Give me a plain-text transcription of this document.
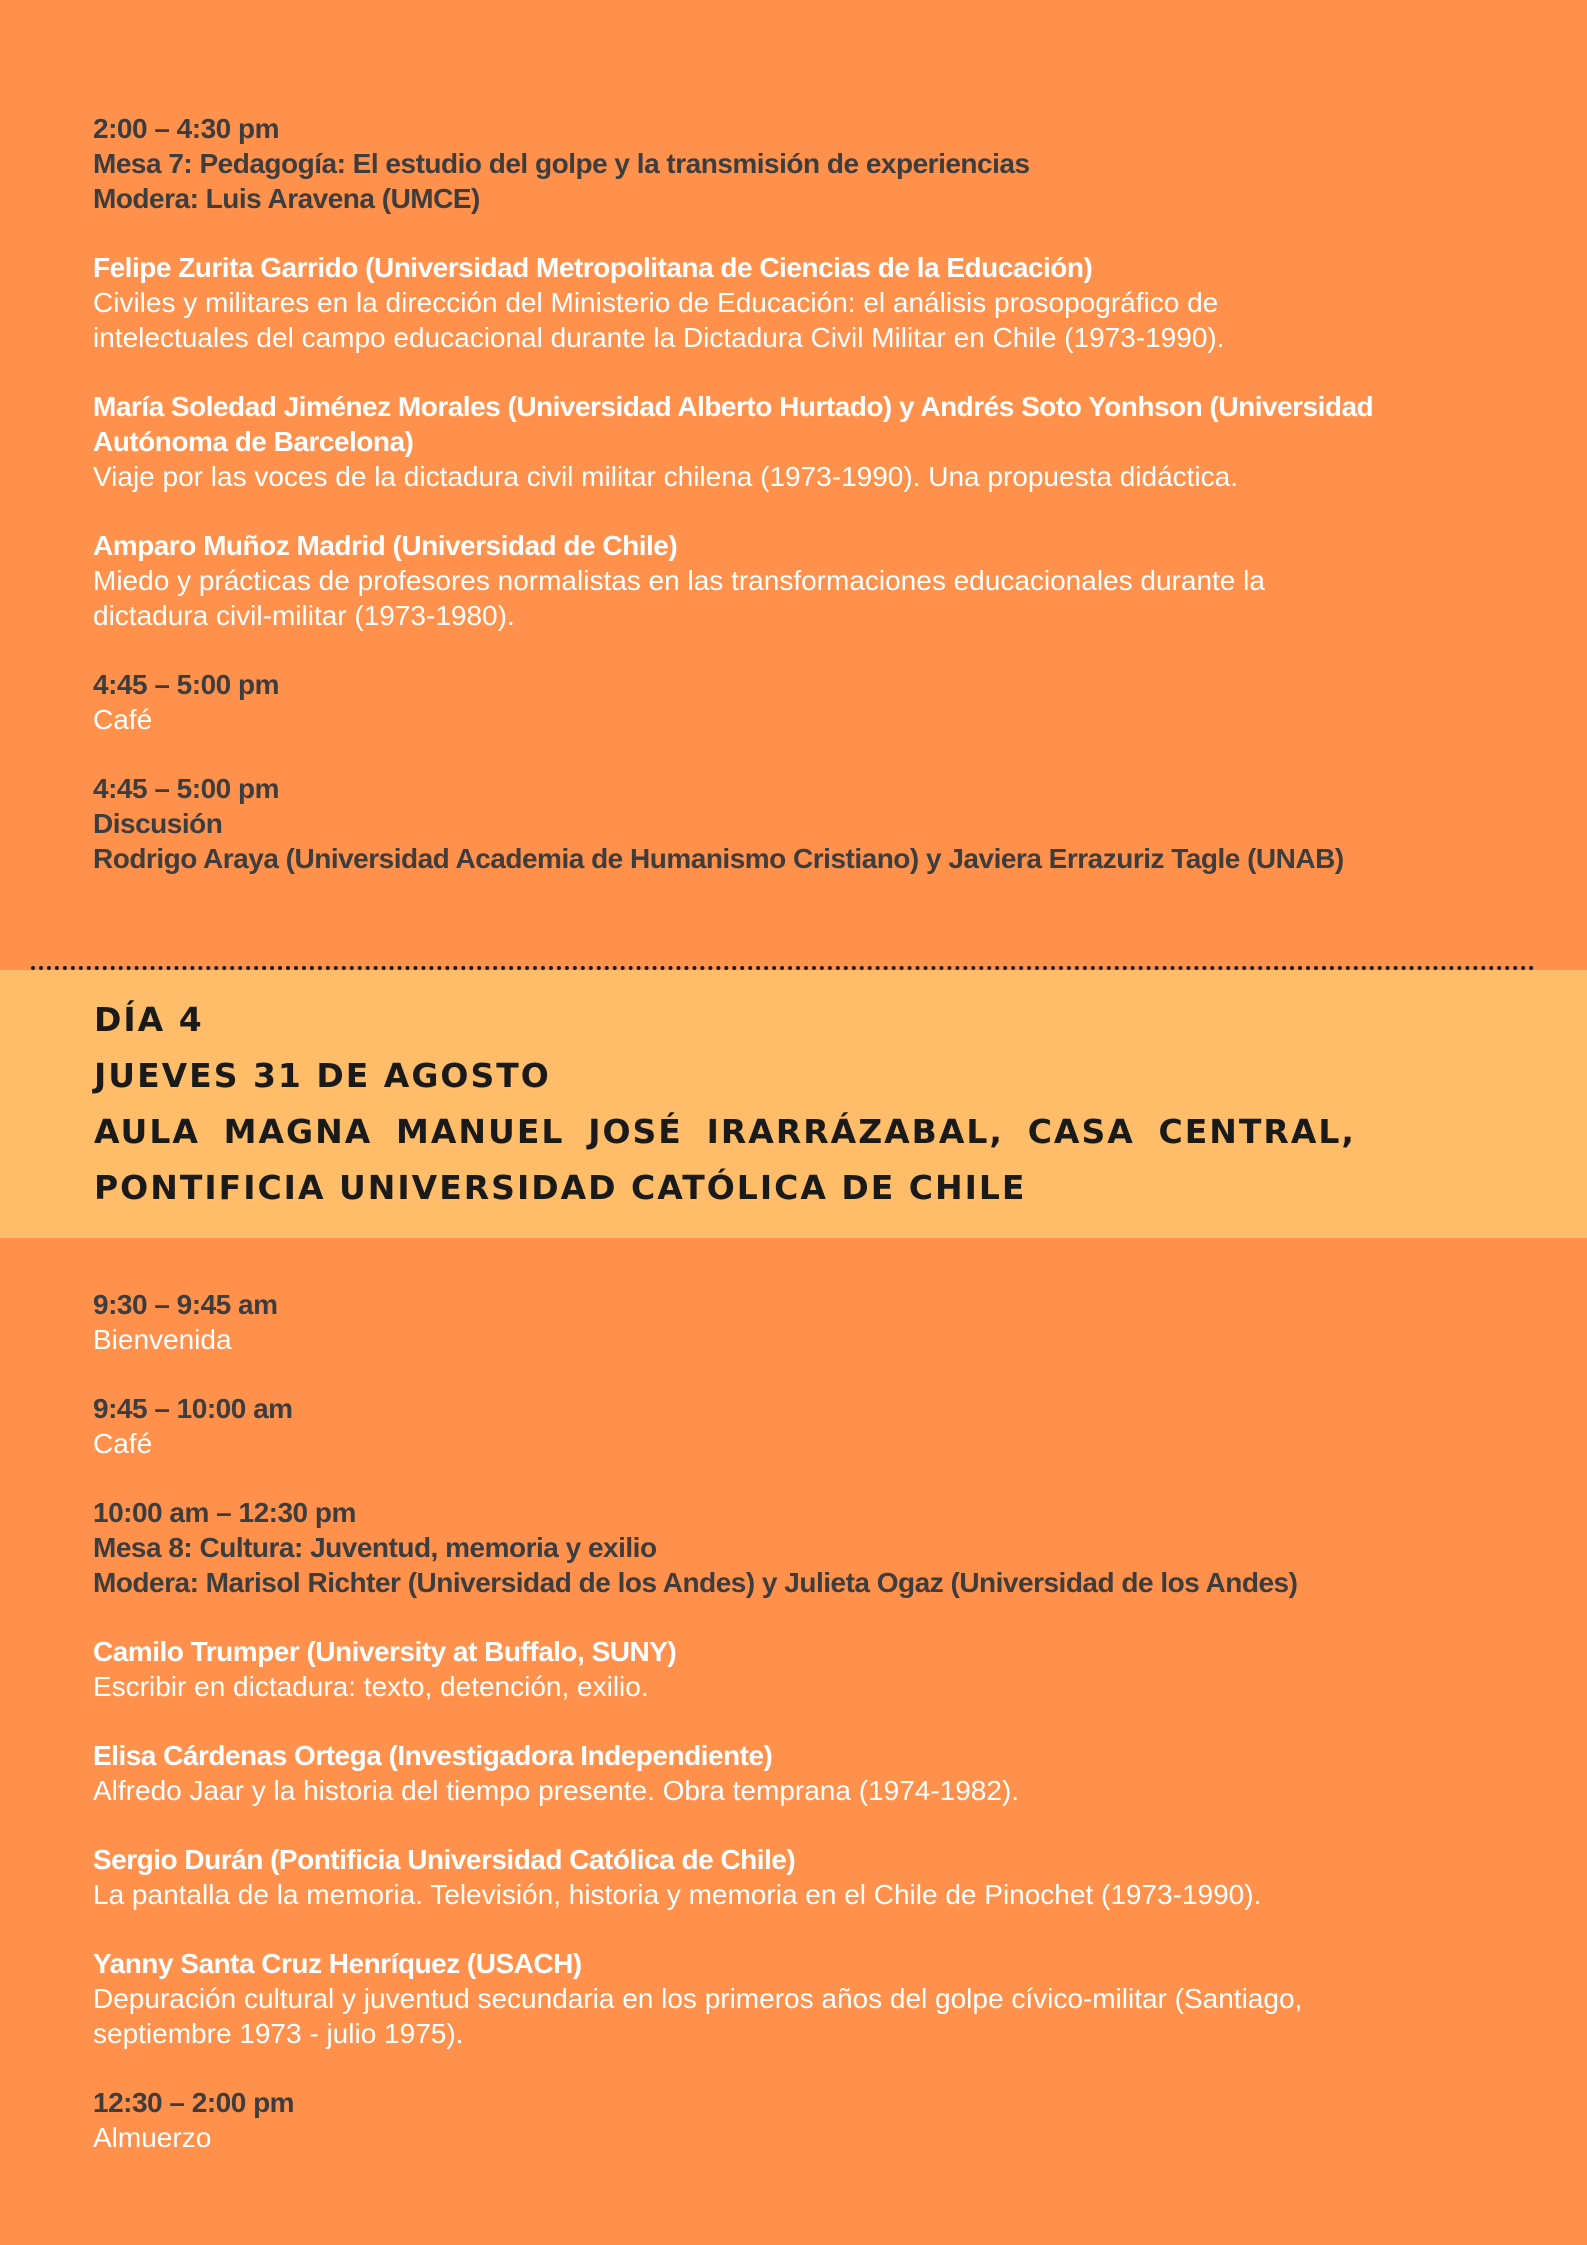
2:00 – 4:30 pm
Mesa 7: Pedagogía: El estudio del golpe y la transmisión de experiencias
Modera: Luis Aravena (UMCE)
Felipe Zurita Garrido (Universidad Metropolitana de Ciencias de la Educación)
Civiles y militares en la dirección del Ministerio de Educación: el análisis prosopográfico de
intelectuales del campo educacional durante la Dictadura Civil Militar en Chile (1973-1990).
María Soledad Jiménez Morales (Universidad Alberto Hurtado) y Andrés Soto Yonhson (Universidad
Autónoma de Barcelona)
Viaje por las voces de la dictadura civil militar chilena (1973-1990). Una propuesta didáctica.
Amparo Muñoz Madrid (Universidad de Chile)
Miedo y prácticas de profesores normalistas en las transformaciones educacionales durante la
dictadura civil-militar (1973-1980).
4:45 – 5:00 pm
Café
4:45 – 5:00 pm
Discusión
Rodrigo Araya (Universidad Academia de Humanismo Cristiano) y Javiera Errazuriz Tagle (UNAB)
DÍA 4
JUEVES 31 DE AGOSTO
AULA MAGNA MANUEL JOSÉ IRARRÁZABAL, CASA CENTRAL,
PONTIFICIA UNIVERSIDAD CATÓLICA DE CHILE
9:30 – 9:45 am
Bienvenida
9:45 – 10:00 am
Café
10:00 am – 12:30 pm
Mesa 8: Cultura: Juventud, memoria y exilio
Modera: Marisol Richter (Universidad de los Andes) y Julieta Ogaz (Universidad de los Andes)
Camilo Trumper (University at Buffalo, SUNY)
Escribir en dictadura: texto, detención, exilio.
Elisa Cárdenas Ortega (Investigadora Independiente)
Alfredo Jaar y la historia del tiempo presente. Obra temprana (1974-1982).
Sergio Durán (Pontificia Universidad Católica de Chile)
La pantalla de la memoria. Televisión, historia y memoria en el Chile de Pinochet (1973-1990).
Yanny Santa Cruz Henríquez (USACH)
Depuración cultural y juventud secundaria en los primeros años del golpe cívico-militar (Santiago,
septiembre 1973 - julio 1975).
12:30 – 2:00 pm
Almuerzo
